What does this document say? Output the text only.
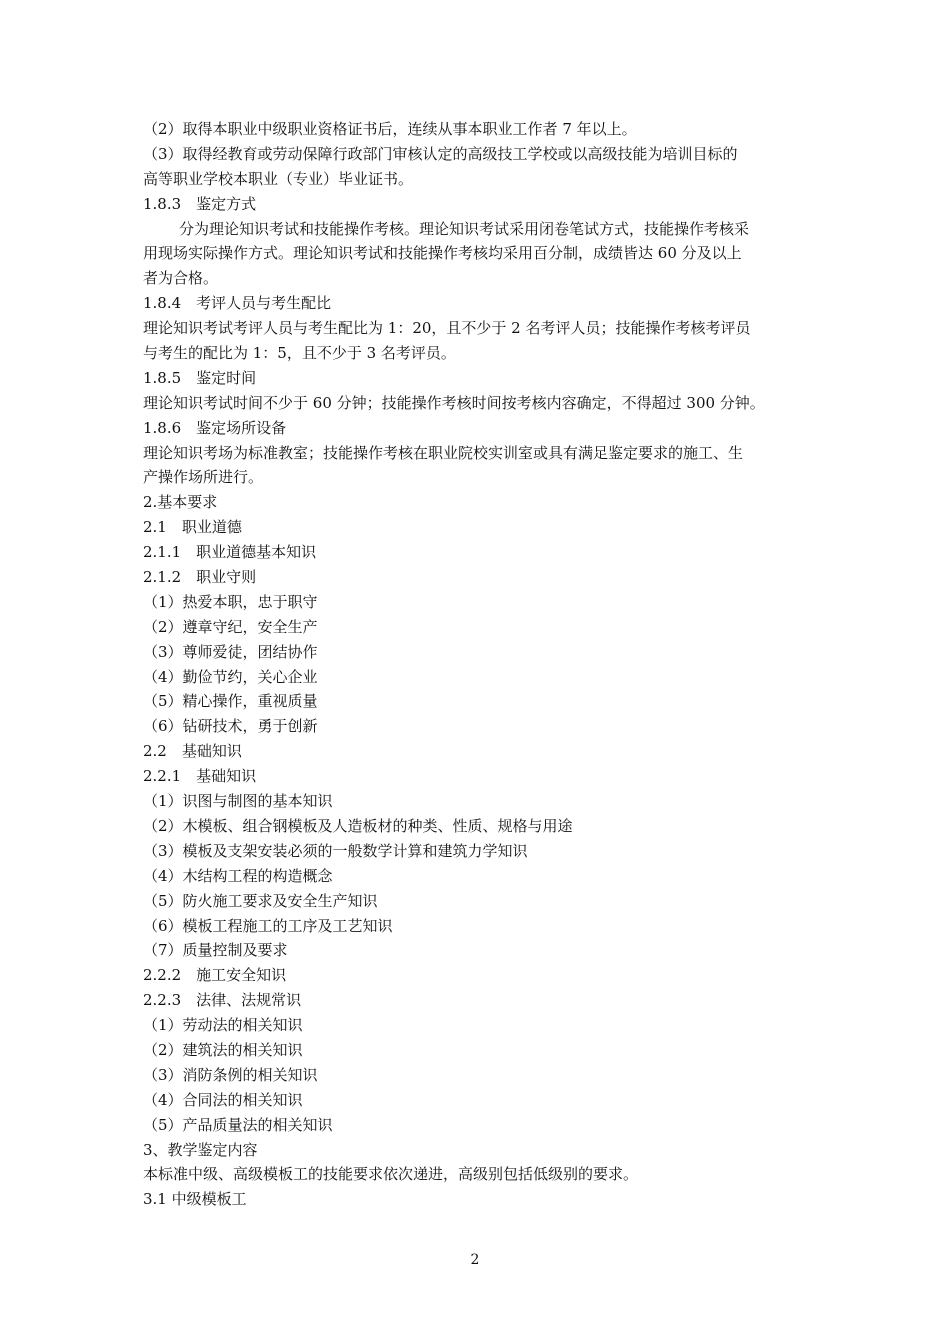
（2）取得本职业中级职业资格证书后，连续从事本职业工作者 7 年以上。
（3）取得经教育或劳动保障行政部门审核认定的高级技工学校或以高级技能为培训目标的
高等职业学校本职业（专业）毕业证书。
1.8.3　鉴定方式
分为理论知识考试和技能操作考核。理论知识考试采用闭卷笔试方式，技能操作考核采
用现场实际操作方式。理论知识考试和技能操作考核均采用百分制，成绩皆达 60 分及以上
者为合格。
1.8.4　考评人员与考生配比
理论知识考试考评人员与考生配比为 1：20，且不少于 2 名考评人员；技能操作考核考评员
与考生的配比为 1：5，且不少于 3 名考评员。
1.8.5　鉴定时间
理论知识考试时间不少于 60 分钟；技能操作考核时间按考核内容确定，不得超过 300 分钟。
1.8.6　鉴定场所设备
理论知识考场为标准教室；技能操作考核在职业院校实训室或具有满足鉴定要求的施工、生
产操作场所进行。
2.基本要求
2.1　职业道德
2.1.1　职业道德基本知识
2.1.2　职业守则
（1）热爱本职，忠于职守
（2）遵章守纪，安全生产
（3）尊师爱徒，团结协作
（4）勤俭节约，关心企业
（5）精心操作，重视质量
（6）钻研技术，勇于创新
2.2　基础知识
2.2.1　基础知识
（1）识图与制图的基本知识
（2）木模板、组合钢模板及人造板材的种类、性质、规格与用途
（3）模板及支架安装必须的一般数学计算和建筑力学知识
（4）木结构工程的构造概念
（5）防火施工要求及安全生产知识
（6）模板工程施工的工序及工艺知识
（7）质量控制及要求
2.2.2　施工安全知识
2.2.3　法律、法规常识
（1）劳动法的相关知识
（2）建筑法的相关知识
（3）消防条例的相关知识
（4）合同法的相关知识
（5）产品质量法的相关知识
3、教学鉴定内容
本标准中级、高级模板工的技能要求依次递进，高级别包括低级别的要求。
3.1 中级模板工
2
